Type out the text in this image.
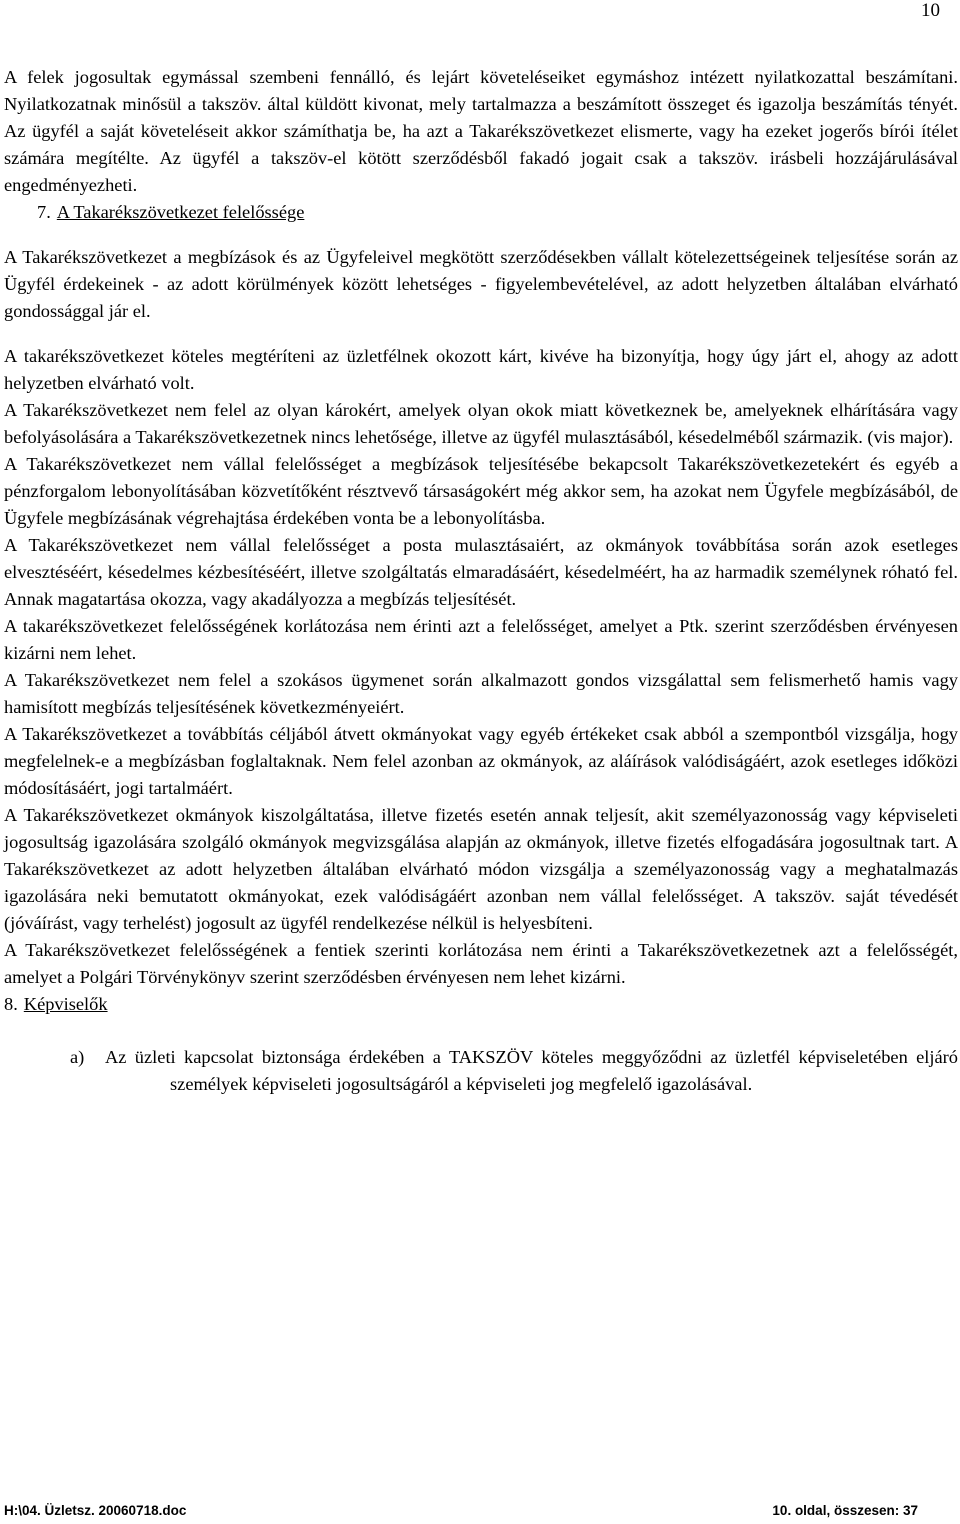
10

A felek jogosultak egymással szembeni fennálló, és lejárt követeléseiket egymáshoz intézett nyilatkozattal beszámítani. Nyilatkozatnak minősül a takszöv. által küldött kivonat, mely tartalmazza a beszámított összeget és igazolja beszámítás tényét. Az ügyfél a saját követeléseit akkor számíthatja be, ha azt a Takarékszövetkezet elismerte, vagy ha ezeket jogerős bírói ítélet számára megítélte. Az ügyfél a takszöv-el kötött szerződésből fakadó jogait csak a takszöv. irásbeli hozzájárulásával engedményezheti.

7. A Takarékszövetkezet felelőssége

A Takarékszövetkezet a megbízások és az Ügyfeleivel megkötött szerződésekben vállalt kötelezettségeinek teljesítése során az Ügyfél érdekeinek - az adott körülmények között lehetséges - figyelembevételével, az adott helyzetben általában elvárható gondossággal jár el.

A takarékszövetkezet köteles megtéríteni az üzletfélnek okozott kárt, kivéve ha bizonyítja, hogy úgy járt el, ahogy az adott helyzetben elvárható volt.

A Takarékszövetkezet nem felel az olyan károkért, amelyek olyan okok miatt következnek be, amelyeknek elhárítására vagy befolyásolására a Takarékszövetkezetnek nincs lehetősége, illetve az ügyfél mulasztásából, késedelméből származik. (vis major).

A Takarékszövetkezet nem vállal felelősséget a megbízások teljesítésébe bekapcsolt Takarékszövetkezetekért és egyéb a pénzforgalom lebonyolításában közvetítőként résztvevő társaságokért még akkor sem, ha azokat nem Ügyfele megbízásából, de Ügyfele megbízásának végrehajtása érdekében vonta be a lebonyolításba.

A Takarékszövetkezet nem vállal felelősséget a posta mulasztásaiért, az okmányok továbbítása során azok esetleges elvesztéséért, késedelmes kézbesítéséért, illetve szolgáltatás elmaradásáért, késedelméért, ha az harmadik személynek róható fel. Annak magatartása okozza, vagy akadályozza a megbízás teljesítését.

A takarékszövetkezet felelősségének korlátozása nem érinti azt a felelősséget, amelyet a Ptk. szerint szerződésben érvényesen kizárni nem lehet.

A Takarékszövetkezet nem felel a szokásos ügymenet során alkalmazott gondos vizsgálattal sem felismerhető hamis vagy hamisított megbízás teljesítésének következményeiért.

A Takarékszövetkezet a továbbítás céljából átvett okmányokat vagy egyéb értékeket csak abból a szempontból vizsgálja, hogy megfelelnek-e a megbízásban foglaltaknak. Nem felel azonban az okmányok, az aláírások valódiságáért, azok esetleges időközi módosításáért, jogi tartalmáért.

A Takarékszövetkezet okmányok kiszolgáltatása, illetve fizetés esetén annak teljesít, akit személyazonosság vagy képviseleti jogosultság igazolására szolgáló okmányok megvizsgálása alapján az okmányok, illetve fizetés elfogadására jogosultnak tart. A Takarékszövetkezet az adott helyzetben általában elvárható módon vizsgálja a személyazonosság vagy a meghatalmazás igazolására neki bemutatott okmányokat, ezek valódiságáért azonban nem vállal felelősséget. A takszöv. saját tévedését (jóváírást, vagy terhelést) jogosult az ügyfél rendelkezése nélkül is helyesbíteni.

A Takarékszövetkezet felelősségének a fentiek szerinti korlátozása nem érinti a Takarékszövetkezetnek azt a felelősségét, amelyet a Polgári Törvénykönyv szerint szerződésben érvényesen nem lehet kizárni.

8. Képviselők

a) Az üzleti kapcsolat biztonsága érdekében a TAKSZÖV köteles meggyőződni az üzletfél képviseletében eljáró személyek képviseleti jogosultságáról a képviseleti jog megfelelő igazolásával.

H:\04. Üzletsz. 20060718.doc	10. oldal, összesen: 37
